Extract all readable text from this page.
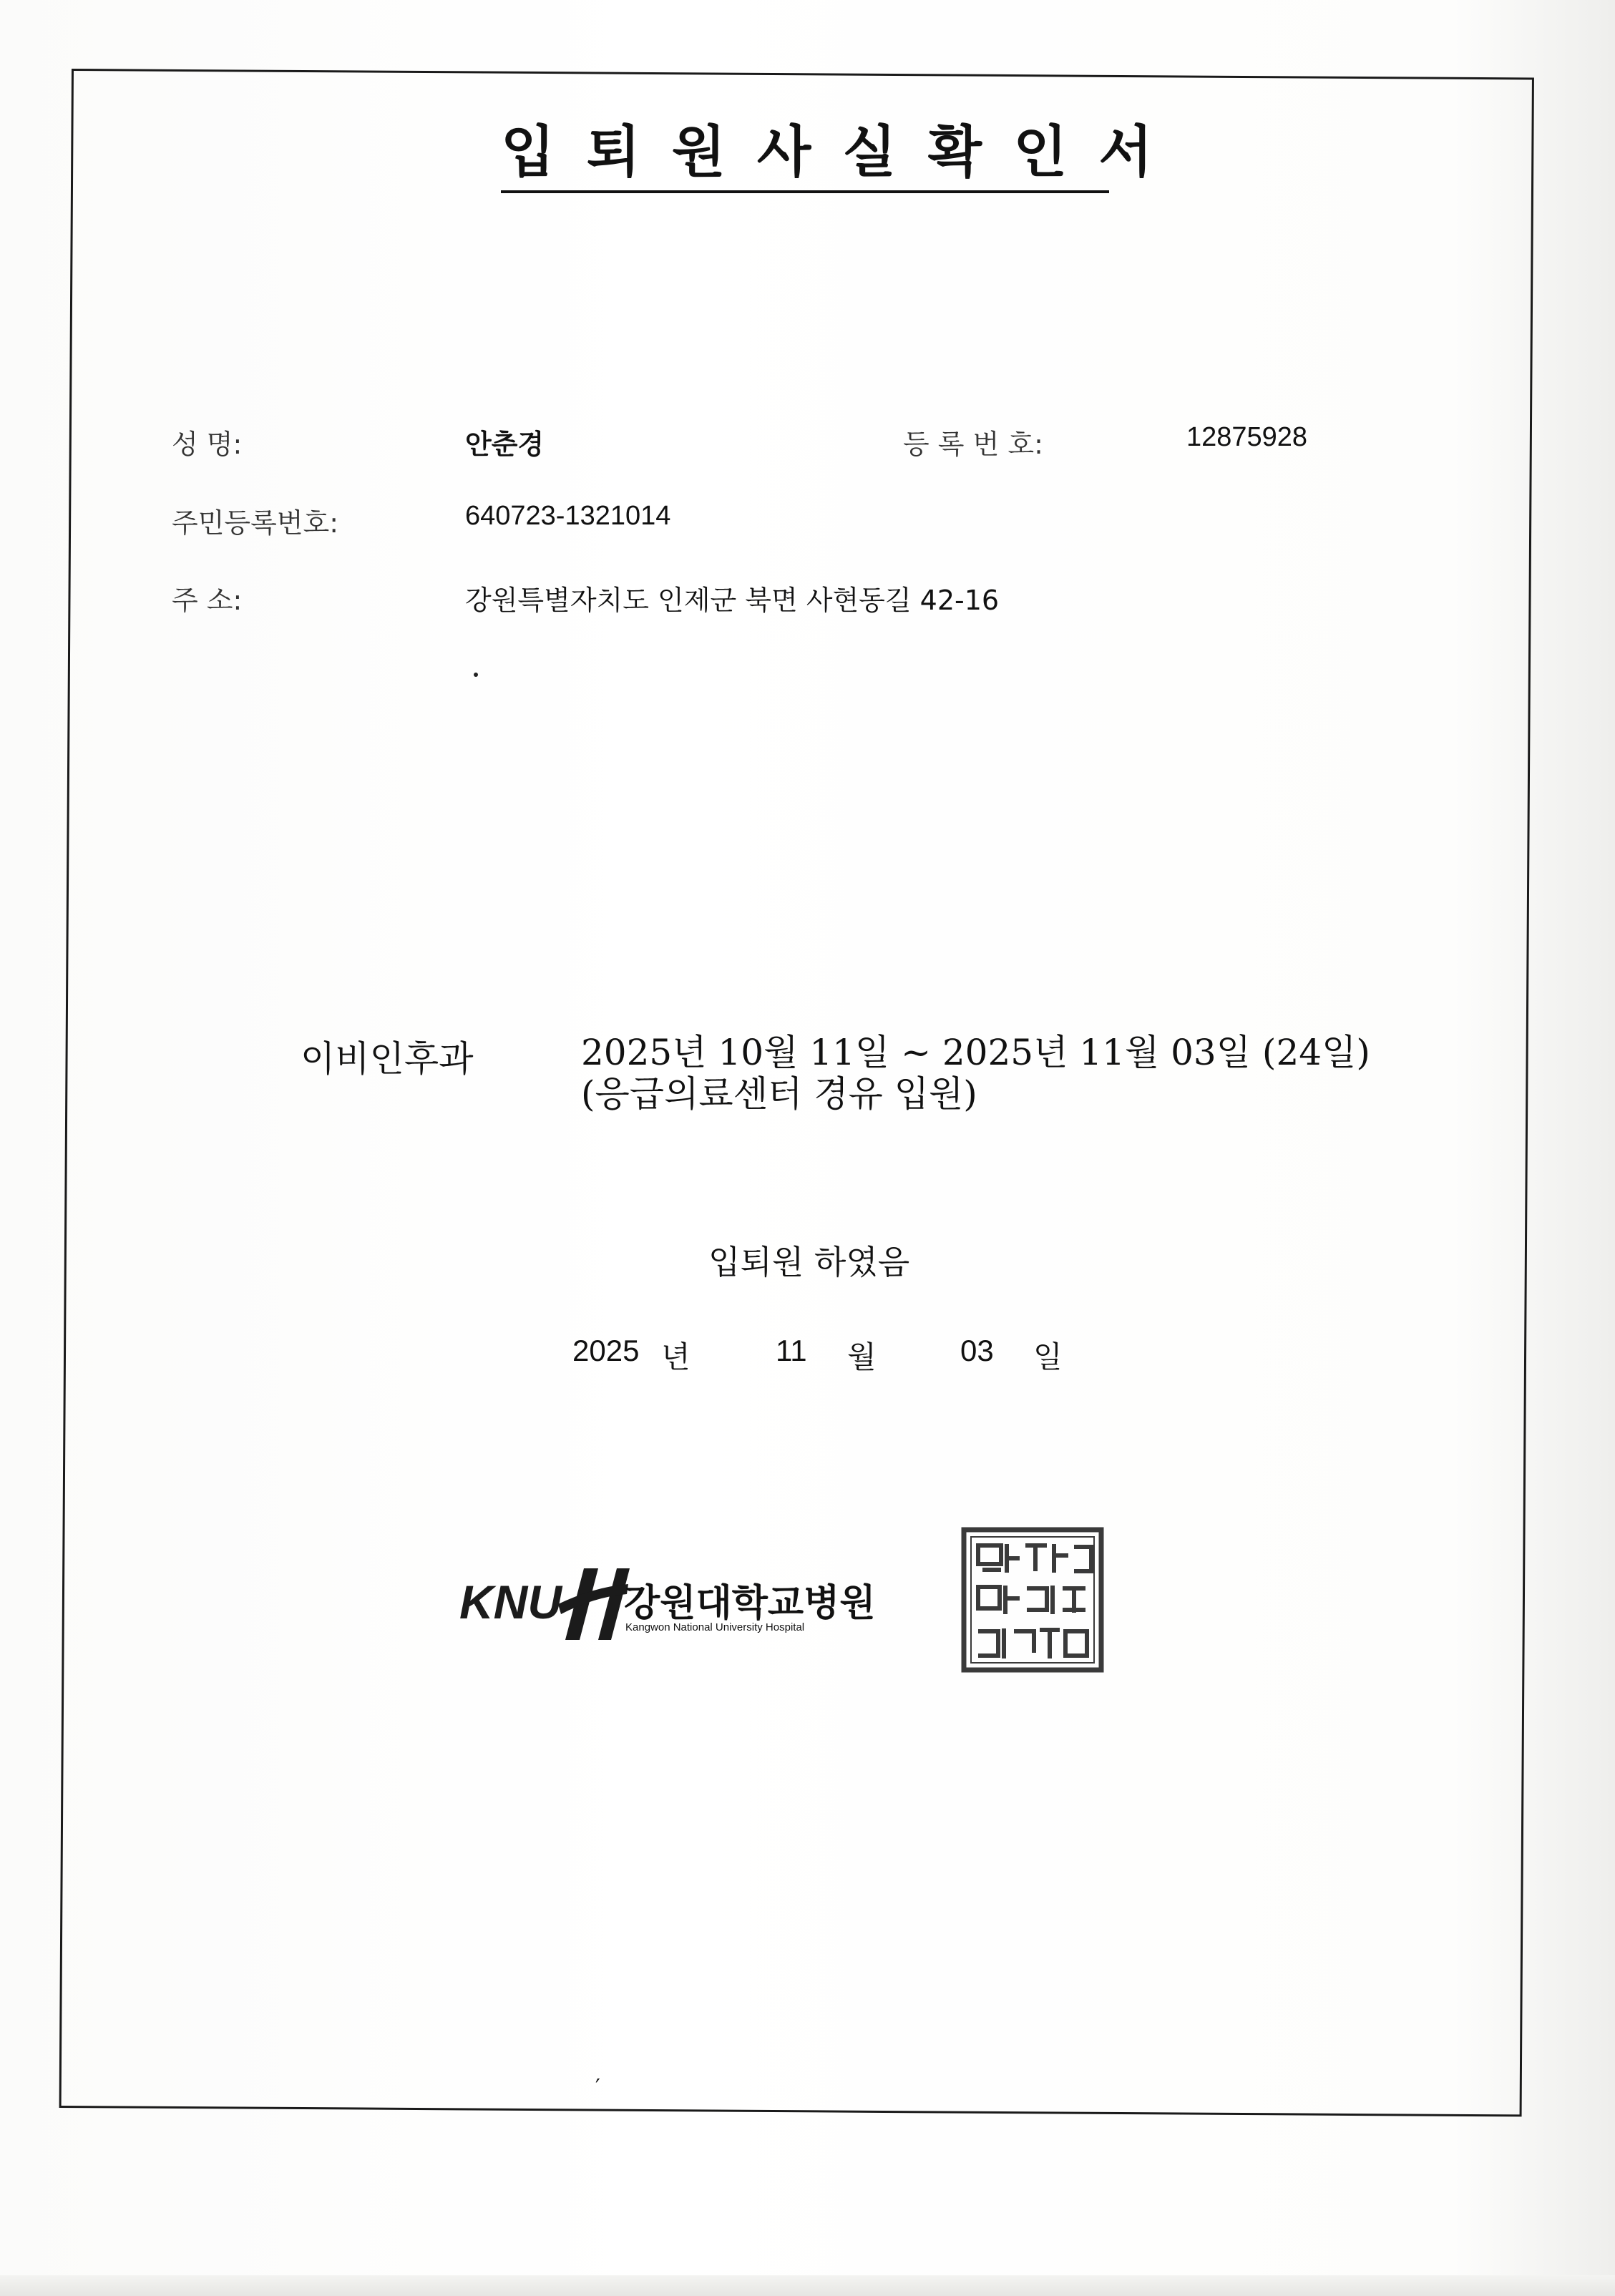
입퇴원사실확인서
성 명:	안춘경	등 록 번 호:	12875928
주민등록번호:	640723-1321014
주 소:	강원특별자치도 인제군 북면 사현동길 42-16
이비인후과	2025년 10월 11일 ~ 2025년 11월 03일 (24일)
(응급의료센터 경유 입원)
입퇴원 하였음
2025 년	11 월	03 일
KNU 강원대학교병원
Kangwon National University Hospital
′
